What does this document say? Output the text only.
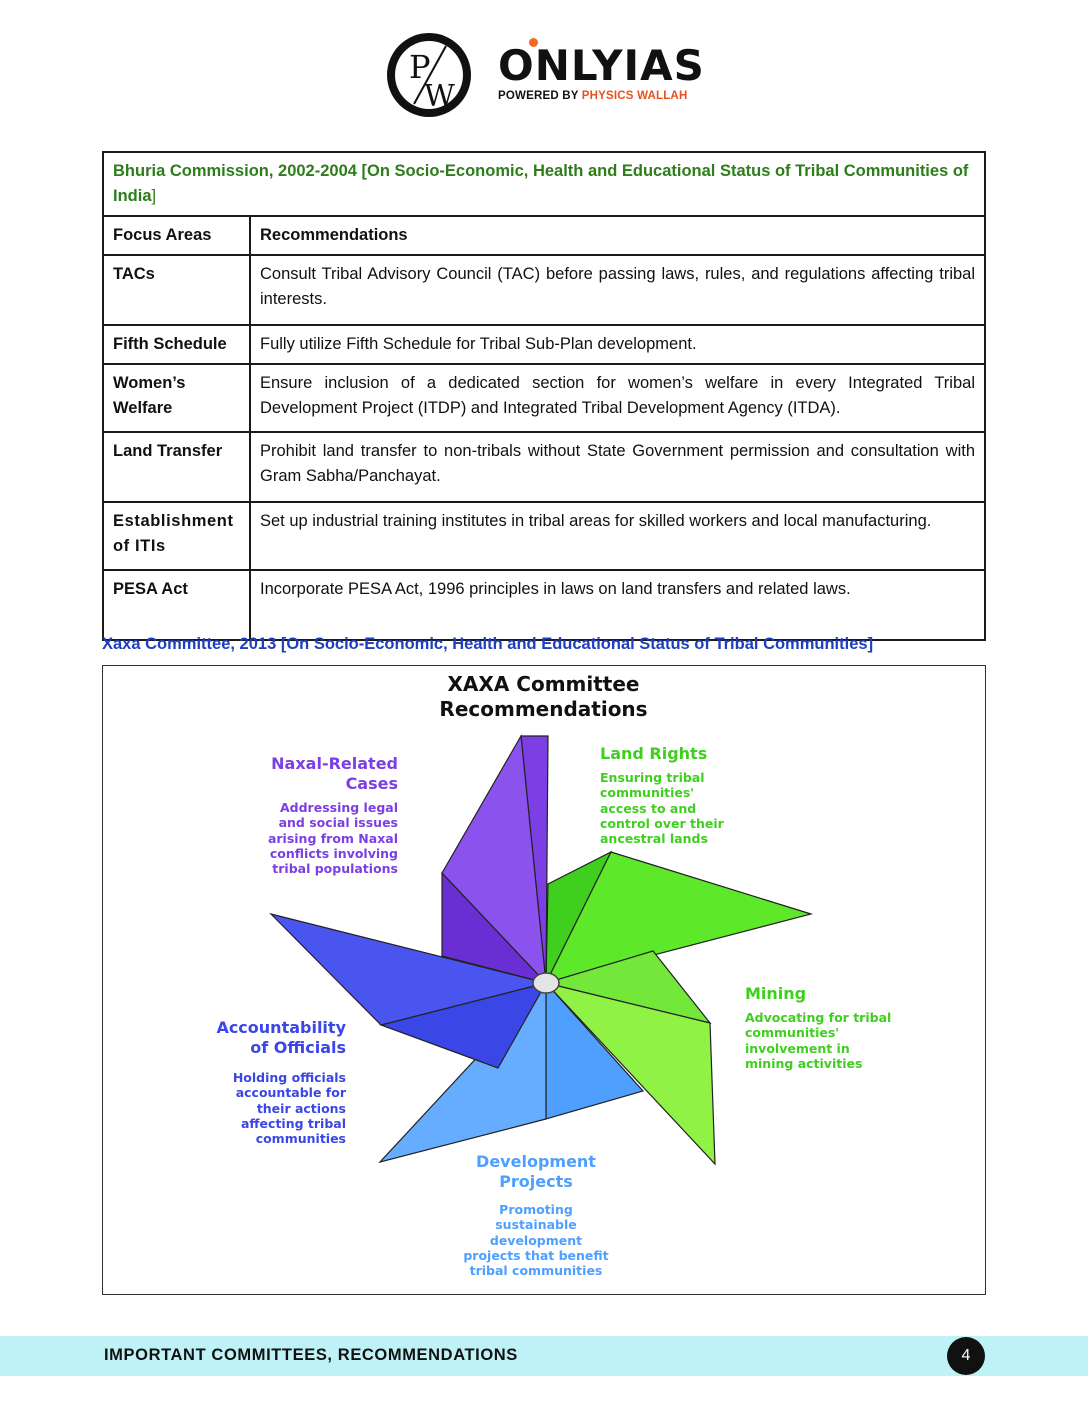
P
W
ONLYIAS
POWERED BY PHYSICS WALLAH
Bhuria Commission, 2002-2004 [On Socio-Economic, Health and Educational Status of Tribal Communities of India]	
Focus Areas	Recommendations
TACs	Consult Tribal Advisory Council (TAC) before passing laws, rules, and regulations affecting tribal interests.
Fifth Schedule	Fully utilize Fifth Schedule for Tribal Sub-Plan development.
Women’s Welfare	Ensure inclusion of a dedicated section for women’s welfare in every Integrated Tribal Development Project (ITDP) and Integrated Tribal Development Agency (ITDA).
Land Transfer	Prohibit land transfer to non-tribals without State Government permission and consultation with Gram Sabha/Panchayat.
Establishment of ITIs	Set up industrial training institutes in tribal areas for skilled workers and local manufacturing.
PESA Act	Incorporate PESA Act, 1996 principles in laws on land transfers and related laws.
Xaxa Committee, 2013 [On Socio-Economic, Health and Educational Status of Tribal Communities]
XAXA Committee
Recommendations
Naxal-Related
Cases
Addressing legal
and social issues
arising from Naxal
conflicts involving
tribal populations
Land Rights
Ensuring tribal
communities'
access to and
control over their
ancestral lands
Mining
Advocating for tribal
communities'
involvement in
mining activities
Accountability
of Officials
Holding officials
accountable for
their actions
affecting tribal
communities
Development
Projects
Promoting
sustainable
development
projects that benefit
tribal communities
IMPORTANT COMMITTEES, RECOMMENDATIONS	4
